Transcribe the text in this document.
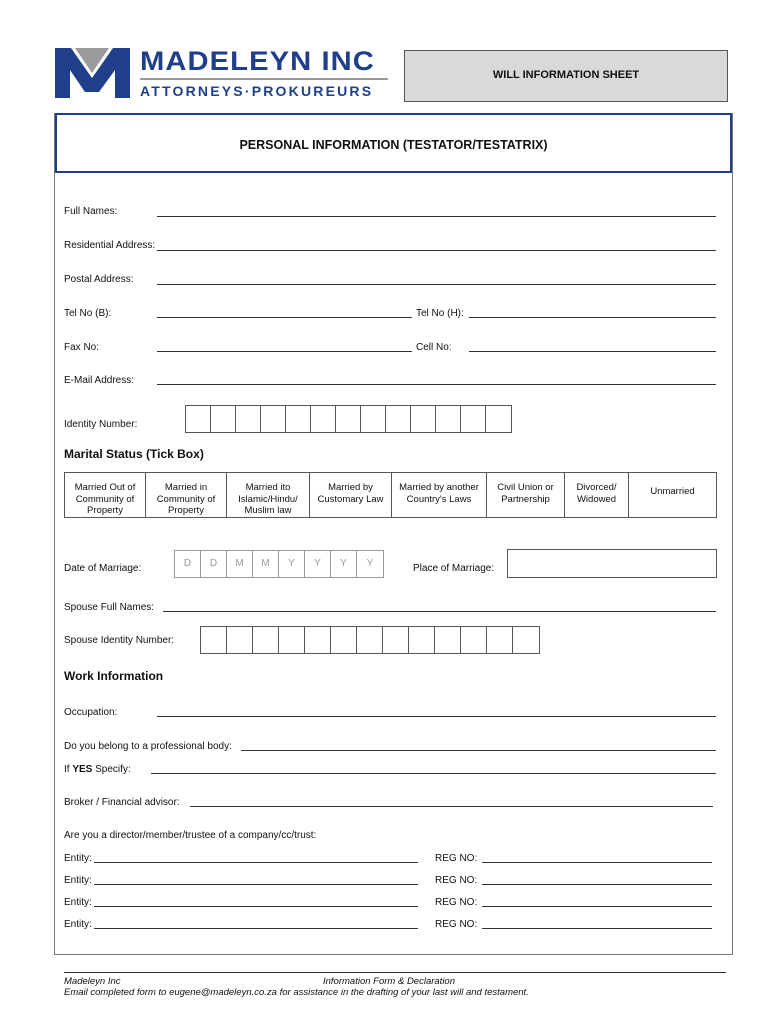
MADELEYN INC
ATTORNEYS·PROKUREURS
WILL INFORMATION SHEET
PERSONAL INFORMATION (TESTATOR/TESTATRIX)
Full Names:
Residential Address:
Postal Address:
Tel No (B):	Tel No (H):
Fax No:	Cell No:
E-Mail Address:
Identity Number:
Marital Status (Tick Box)
Married Out of Community of Property
Married in Community of Property
Married ito Islamic/Hindu/ Muslim law
Married by Customary Law
Married by another Country's Laws
Civil Union or Partnership
Divorced/ Widowed
Unmarried
Date of Marriage:	D	D	M	M	Y	Y	Y	Y	Place of Marriage:
Spouse Full Names:
Spouse Identity Number:
Work Information
Occupation:
Do you belong to a professional body:
If YES Specify:
Broker / Financial advisor:
Are you a director/member/trustee of a company/cc/trust:
Entity:	REG NO:
Entity:	REG NO:
Entity:	REG NO:
Entity:	REG NO:
Madeleyn Inc	Information Form & Declaration
Email completed form to eugene@madeleyn.co.za for assistance in the drafting of your last will and testament.
